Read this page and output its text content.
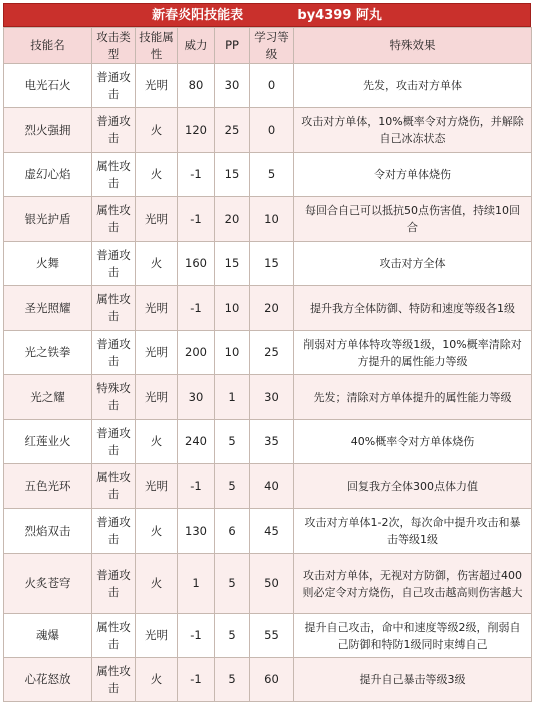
新春炎阳技能表	by4399 阿丸
技能名	攻击类型	技能属性	威力	PP	学习等级	特殊效果
电光石火	普通攻击	光明	80	30	0	先发，攻击对方单体
烈火强拥	普通攻击	火	120	25	0	攻击对方单体，10%概率令对方烧伤，并解除自己冰冻状态
虚幻心焰	属性攻击	火	-1	15	5	令对方单体烧伤
银光护盾	属性攻击	光明	-1	20	10	每回合自己可以抵抗50点伤害值，持续10回合
火舞	普通攻击	火	160	15	15	攻击对方全体
圣光照耀	属性攻击	光明	-1	10	20	提升我方全体防御、特防和速度等级各1级
光之铁拳	普通攻击	光明	200	10	25	削弱对方单体特攻等级1级，10%概率清除对方提升的属性能力等级
光之耀	特殊攻击	光明	30	1	30	先发；清除对方单体提升的属性能力等级
红莲业火	普通攻击	火	240	5	35	40%概率令对方单体烧伤
五色光环	属性攻击	光明	-1	5	40	回复我方全体300点体力值
烈焰双击	普通攻击	火	130	6	45	攻击对方单体1-2次，每次命中提升攻击和暴击等级1级
火炙苍穹	普通攻击	火	1	5	50	攻击对方单体，无视对方防御，伤害超过400则必定令对方烧伤，自己攻击越高则伤害越大
魂爆	属性攻击	光明	-1	5	55	提升自己攻击，命中和速度等级2级，削弱自己防御和特防1级同时束缚自己
心花怒放	属性攻击	火	-1	5	60	提升自己暴击等级3级
